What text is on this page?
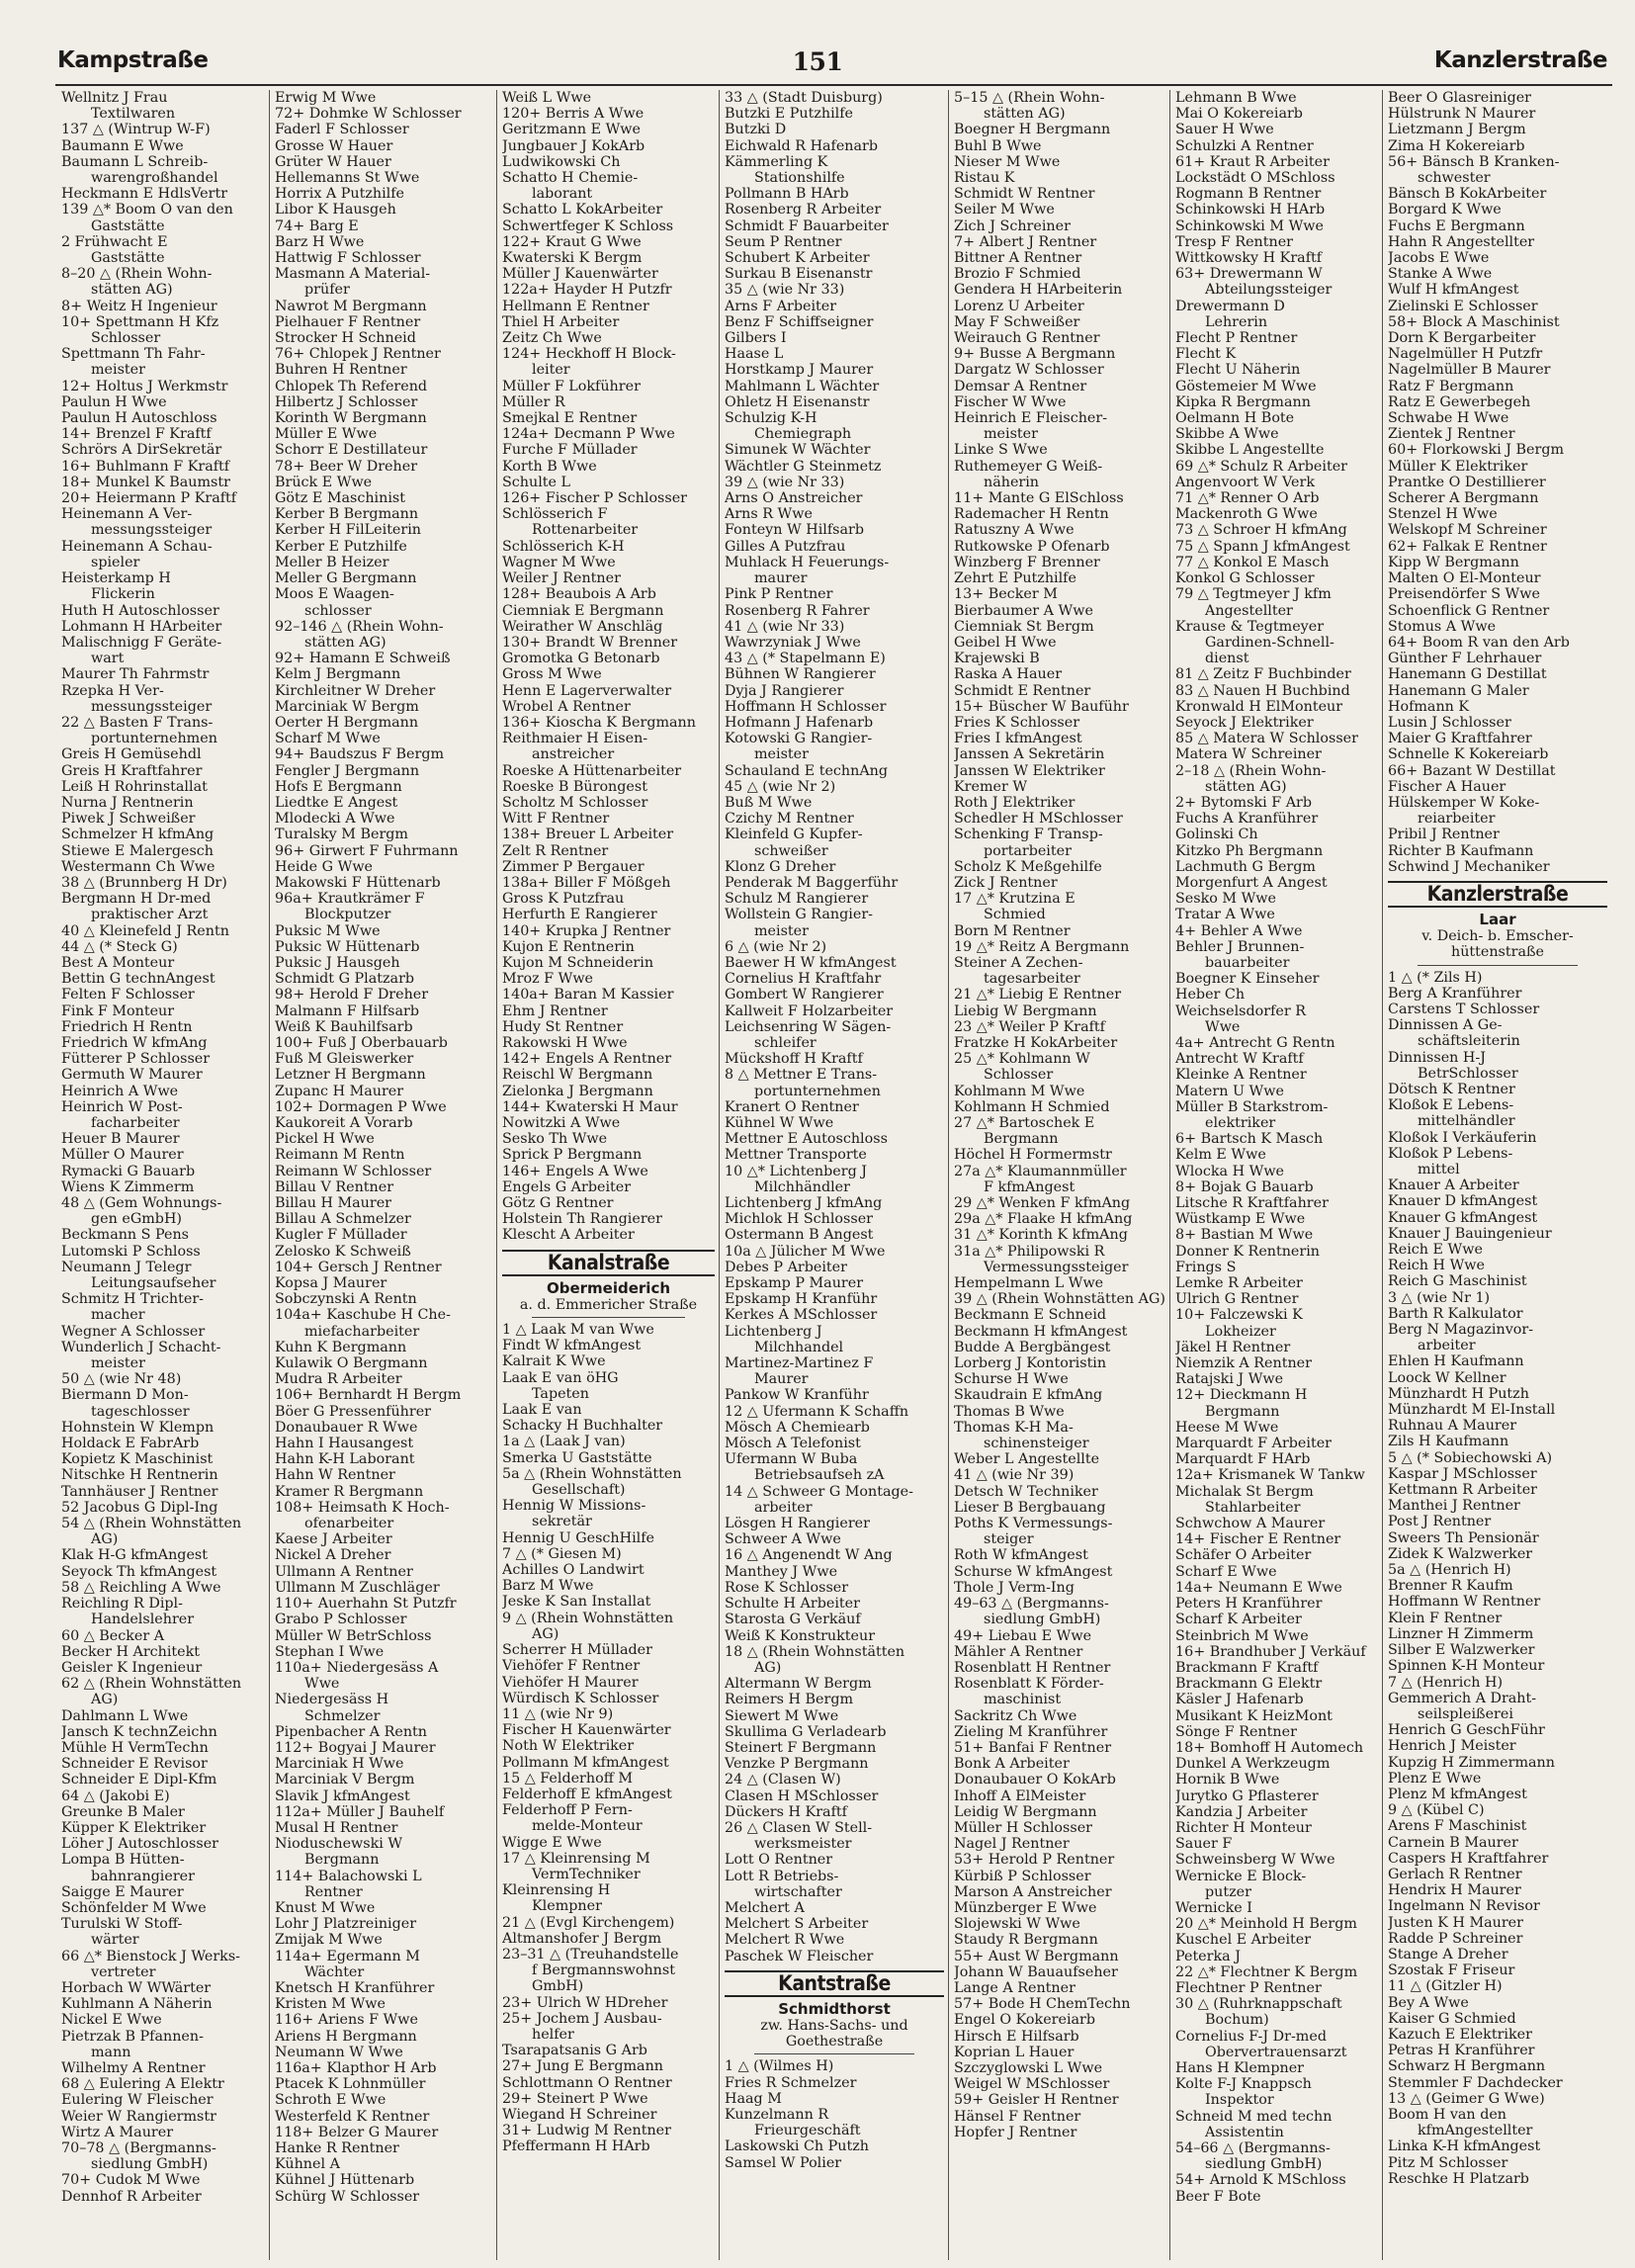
Kampstraße	151	Kanzlerstraße
Wellnitz J Frau
Textilwaren
137 △ (Wintrup W-F)
Baumann E Wwe
Baumann L Schreib-
warengroßhandel
Heckmann E HdlsVertr
139 △* Boom O van den
Gaststätte
2 Frühwacht E
Gaststätte
8–20 △ (Rhein Wohn-
stätten AG)
8+ Weitz H Ingenieur
10+ Spettmann H Kfz
Schlosser
Spettmann Th Fahr-
meister
12+ Holtus J Werkmstr
Paulun H Wwe
Paulun H Autoschloss
14+ Brenzel F Kraftf
Schrörs A DirSekretär
16+ Buhlmann F Kraftf
18+ Munkel K Baumstr
20+ Heiermann P Kraftf
Heinemann A Ver-
messungssteiger
Heinemann A Schau-
spieler
Heisterkamp H
Flickerin
Huth H Autoschlosser
Lohmann H HArbeiter
Malischnigg F Geräte-
wart
Maurer Th Fahrmstr
Rzepka H Ver-
messungssteiger
22 △ Basten F Trans-
portunternehmen
Greis H Gemüsehdl
Greis H Kraftfahrer
Leiß H Rohrinstallat
Nurna J Rentnerin
Piwek J Schweißer
Schmelzer H kfmAng
Stiewe E Malergesch
Westermann Ch Wwe
38 △ (Brunnberg H Dr)
Bergmann H Dr-med
praktischer Arzt
40 △ Kleinefeld J Rentn
44 △ (* Steck G)
Best A Monteur
Bettin G technAngest
Felten F Schlosser
Fink F Monteur
Friedrich H Rentn
Friedrich W kfmAng
Fütterer P Schlosser
Germuth W Maurer
Heinrich A Wwe
Heinrich W Post-
facharbeiter
Heuer B Maurer
Müller O Maurer
Rymacki G Bauarb
Wiens K Zimmerm
48 △ (Gem Wohnungs-
gen eGmbH)
Beckmann S Pens
Lutomski P Schloss
Neumann J Telegr
Leitungsaufseher
Schmitz H Trichter-
macher
Wegner A Schlosser
Wunderlich J Schacht-
meister
50 △ (wie Nr 48)
Biermann D Mon-
tageschlosser
Hohnstein W Klempn
Holdack E FabrArb
Kopietz K Maschinist
Nitschke H Rentnerin
Tannhäuser J Rentner
52 Jacobus G Dipl-Ing
54 △ (Rhein Wohnstätten
AG)
Klak H-G kfmAngest
Seyock Th kfmAngest
58 △ Reichling A Wwe
Reichling R Dipl-
Handelslehrer
60 △ Becker A
Becker H Architekt
Geisler K Ingenieur
62 △ (Rhein Wohnstätten
AG)
Dahlmann L Wwe
Jansch K technZeichn
Mühle H VermTechn
Schneider E Revisor
Schneider E Dipl-Kfm
64 △ (Jakobi E)
Greunke B Maler
Küpper K Elektriker
Löher J Autoschlosser
Lompa B Hütten-
bahnrangierer
Saigge E Maurer
Schönfelder M Wwe
Turulski W Stoff-
wärter
66 △* Bienstock J Werks-
vertreter
Horbach W WWärter
Kuhlmann A Näherin
Nickel E Wwe
Pietrzak B Pfannen-
mann
Wilhelmy A Rentner
68 △ Eulering A Elektr
Eulering W Fleischer
Weier W Rangiermstr
Wirtz A Maurer
70–78 △ (Bergmanns-
siedlung GmbH)
70+ Cudok M Wwe
Dennhof R Arbeiter
Erwig M Wwe
72+ Dohmke W Schlosser
Faderl F Schlosser
Grosse W Hauer
Grüter W Hauer
Hellemanns St Wwe
Horrix A Putzhilfe
Libor K Hausgeh
74+ Barg E
Barz H Wwe
Hattwig F Schlosser
Masmann A Material-
prüfer
Nawrot M Bergmann
Pielhauer F Rentner
Strocker H Schneid
76+ Chlopek J Rentner
Buhren H Rentner
Chlopek Th Referend
Hilbertz J Schlosser
Korinth W Bergmann
Müller E Wwe
Schorr E Destillateur
78+ Beer W Dreher
Brück E Wwe
Götz E Maschinist
Kerber B Bergmann
Kerber H FilLeiterin
Kerber E Putzhilfe
Meller B Heizer
Meller G Bergmann
Moos E Waagen-
schlosser
92–146 △ (Rhein Wohn-
stätten AG)
92+ Hamann E Schweiß
Kelm J Bergmann
Kirchleitner W Dreher
Marciniak W Bergm
Oerter H Bergmann
Scharf M Wwe
94+ Baudszus F Bergm
Fengler J Bergmann
Hofs E Bergmann
Liedtke E Angest
Mlodecki A Wwe
Turalsky M Bergm
96+ Girwert F Fuhrmann
Heide G Wwe
Makowski F Hüttenarb
96a+ Krautkrämer F
Blockputzer
Puksic M Wwe
Puksic W Hüttenarb
Puksic J Hausgeh
Schmidt G Platzarb
98+ Herold F Dreher
Malmann F Hilfsarb
Weiß K Bauhilfsarb
100+ Fuß J Oberbauarb
Fuß M Gleiswerker
Letzner H Bergmann
Zupanc H Maurer
102+ Dormagen P Wwe
Kaukoreit A Vorarb
Pickel H Wwe
Reimann M Rentn
Reimann W Schlosser
Billau V Rentner
Billau H Maurer
Billau A Schmelzer
Kugler F Müllader
Zelosko K Schweiß
104+ Gersch J Rentner
Kopsa J Maurer
Sobczynski A Rentn
104a+ Kaschube H Che-
miefacharbeiter
Kuhn K Bergmann
Kulawik O Bergmann
Mudra R Arbeiter
106+ Bernhardt H Bergm
Böer G Pressenführer
Donaubauer R Wwe
Hahn I Hausangest
Hahn K-H Laborant
Hahn W Rentner
Kramer R Bergmann
108+ Heimsath K Hoch-
ofenarbeiter
Kaese J Arbeiter
Nickel A Dreher
Ullmann A Rentner
Ullmann M Zuschläger
110+ Auerhahn St Putzfr
Grabo P Schlosser
Müller W BetrSchloss
Stephan I Wwe
110a+ Niedergesäss A
Wwe
Niedergesäss H
Schmelzer
Pipenbacher A Rentn
112+ Bogyai J Maurer
Marciniak H Wwe
Marciniak V Bergm
Slavik J kfmAngest
112a+ Müller J Bauhelf
Musal H Rentner
Nioduschewski W
Bergmann
114+ Balachowski L
Rentner
Knust M Wwe
Lohr J Platzreiniger
Zmijak M Wwe
114a+ Egermann M
Wächter
Knetsch H Kranführer
Kristen M Wwe
116+ Ariens F Wwe
Ariens H Bergmann
Neumann W Wwe
116a+ Klapthor H Arb
Ptacek K Lohnmüller
Schroth E Wwe
Westerfeld K Rentner
118+ Belzer G Maurer
Hanke R Rentner
Kühnel A
Kühnel J Hüttenarb
Schürg W Schlosser
Weiß L Wwe
120+ Berris A Wwe
Geritzmann E Wwe
Jungbauer J KokArb
Ludwikowski Ch
Schatto H Chemie-
laborant
Schatto L KokArbeiter
Schwertfeger K Schloss
122+ Kraut G Wwe
Kwaterski K Bergm
Müller J Kauenwärter
122a+ Hayder H Putzfr
Hellmann E Rentner
Thiel H Arbeiter
Zeitz Ch Wwe
124+ Heckhoff H Block-
leiter
Müller F Lokführer
Müller R
Smejkal E Rentner
124a+ Decmann P Wwe
Furche F Müllader
Korth B Wwe
Schulte L
126+ Fischer P Schlosser
Schlösserich F
Rottenarbeiter
Schlösserich K-H
Wagner M Wwe
Weiler J Rentner
128+ Beaubois A Arb
Ciemniak E Bergmann
Weirather W Anschläg
130+ Brandt W Brenner
Gromotka G Betonarb
Gross M Wwe
Henn E Lagerverwalter
Wrobel A Rentner
136+ Kioscha K Bergmann
Reithmaier H Eisen-
anstreicher
Roeske A Hüttenarbeiter
Roeske B Bürongest
Scholtz M Schlosser
Witt F Rentner
138+ Breuer L Arbeiter
Zelt R Rentner
Zimmer P Bergauer
138a+ Biller F Mößgeh
Gross K Putzfrau
Herfurth E Rangierer
140+ Krupka J Rentner
Kujon E Rentnerin
Kujon M Schneiderin
Mroz F Wwe
140a+ Baran M Kassier
Ehm J Rentner
Hudy St Rentner
Rakowski H Wwe
142+ Engels A Rentner
Reischl W Bergmann
Zielonka J Bergmann
144+ Kwaterski H Maur
Nowitzki A Wwe
Sesko Th Wwe
Sprick P Bergmann
146+ Engels A Wwe
Engels G Arbeiter
Götz G Rentner
Holstein Th Rangierer
Klescht A Arbeiter
Kanalstraße
Obermeiderich
a. d. Emmericher Straße
1 △ Laak M van Wwe
Findt W kfmAngest
Kalrait K Wwe
Laak E van öHG
Tapeten
Laak E van
Schacky H Buchhalter
1a △ (Laak J van)
Smerka U Gaststätte
5a △ (Rhein Wohnstätten
Gesellschaft)
Hennig W Missions-
sekretär
Hennig U GeschHilfe
7 △ (* Giesen M)
Achilles O Landwirt
Barz M Wwe
Jeske K San Installat
9 △ (Rhein Wohnstätten
AG)
Scherrer H Müllader
Viehöfer F Rentner
Viehöfer H Maurer
Würdisch K Schlosser
11 △ (wie Nr 9)
Fischer H Kauenwärter
Noth W Elektriker
Pollmann M kfmAngest
15 △ Felderhoff M
Felderhoff E kfmAngest
Felderhoff P Fern-
melde-Monteur
Wigge E Wwe
17 △ Kleinrensing M
VermTechniker
Kleinrensing H
Klempner
21 △ (Evgl Kirchengem)
Altmanshofer J Bergm
23–31 △ (Treuhandstelle
f Bergmannswohnst
GmbH)
23+ Ulrich W HDreher
25+ Jochem J Ausbau-
helfer
Tsarapatsanis G Arb
27+ Jung E Bergmann
Schlottmann O Rentner
29+ Steinert P Wwe
Wiegand H Schreiner
31+ Ludwig M Rentner
Pfeffermann H HArb
33 △ (Stadt Duisburg)
Butzki E Putzhilfe
Butzki D
Eichwald R Hafenarb
Kämmerling K
Stationshilfe
Pollmann B HArb
Rosenberg R Arbeiter
Schmidt F Bauarbeiter
Seum P Rentner
Schubert K Arbeiter
Surkau B Eisenanstr
35 △ (wie Nr 33)
Arns F Arbeiter
Benz F Schiffseigner
Gilbers I
Haase L
Horstkamp J Maurer
Mahlmann L Wächter
Ohletz H Eisenanstr
Schulzig K-H
Chemiegraph
Simunek W Wächter
Wächtler G Steinmetz
39 △ (wie Nr 33)
Arns O Anstreicher
Arns R Wwe
Fonteyn W Hilfsarb
Gilles A Putzfrau
Muhlack H Feuerungs-
maurer
Pink P Rentner
Rosenberg R Fahrer
41 △ (wie Nr 33)
Wawrzyniak J Wwe
43 △ (* Stapelmann E)
Bühnen W Rangierer
Dyja J Rangierer
Hoffmann H Schlosser
Hofmann J Hafenarb
Kotowski G Rangier-
meister
Schauland E technAng
45 △ (wie Nr 2)
Buß M Wwe
Czichy M Rentner
Kleinfeld G Kupfer-
schweißer
Klonz G Dreher
Penderak M Baggerführ
Schulz M Rangierer
Wollstein G Rangier-
meister
6 △ (wie Nr 2)
Baewer H W kfmAngest
Cornelius H Kraftfahr
Gombert W Rangierer
Kallweit F Holzarbeiter
Leichsenring W Sägen-
schleifer
Mückshoff H Kraftf
8 △ Mettner E Trans-
portunternehmen
Kranert O Rentner
Kühnel W Wwe
Mettner E Autoschloss
Mettner Transporte
10 △* Lichtenberg J
Milchhändler
Lichtenberg J kfmAng
Michlok H Schlosser
Ostermann B Angest
10a △ Jülicher M Wwe
Debes P Arbeiter
Epskamp P Maurer
Epskamp H Kranführ
Kerkes A MSchlosser
Lichtenberg J
Milchhandel
Martinez-Martinez F
Maurer
Pankow W Kranführ
12 △ Ufermann K Schaffn
Mösch A Chemiearb
Mösch A Telefonist
Ufermann W Buba
Betriebsaufseh zA
14 △ Schweer G Montage-
arbeiter
Lösgen H Rangierer
Schweer A Wwe
16 △ Angenendt W Ang
Manthey J Wwe
Rose K Schlosser
Schulte H Arbeiter
Starosta G Verkäuf
Weiß K Konstrukteur
18 △ (Rhein Wohnstätten
AG)
Altermann W Bergm
Reimers H Bergm
Siewert M Wwe
Skullima G Verladearb
Steinert F Bergmann
Venzke P Bergmann
24 △ (Clasen W)
Clasen H MSchlosser
Dückers H Kraftf
26 △ Clasen W Stell-
werksmeister
Lott O Rentner
Lott R Betriebs-
wirtschafter
Melchert A
Melchert S Arbeiter
Melchert R Wwe
Paschek W Fleischer
Kantstraße
Schmidthorst
zw. Hans-Sachs- und Goethestraße
1 △ (Wilmes H)
Fries R Schmelzer
Haag M
Kunzelmann R
Frieurgeschäft
Laskowski Ch Putzh
Samsel W Polier
5–15 △ (Rhein Wohn-
stätten AG)
Boegner H Bergmann
Buhl B Wwe
Nieser M Wwe
Ristau K
Schmidt W Rentner
Seiler M Wwe
Zich J Schreiner
7+ Albert J Rentner
Bittner A Rentner
Brozio F Schmied
Gendera H HArbeiterin
Lorenz U Arbeiter
May F Schweißer
Weirauch G Rentner
9+ Busse A Bergmann
Dargatz W Schlosser
Demsar A Rentner
Fischer W Wwe
Heinrich E Fleischer-
meister
Linke S Wwe
Ruthemeyer G Weiß-
näherin
11+ Mante G ElSchloss
Rademacher H Rentn
Ratuszny A Wwe
Rutkowske P Ofenarb
Winzberg F Brenner
Zehrt E Putzhilfe
13+ Becker M
Bierbaumer A Wwe
Ciemniak St Bergm
Geibel H Wwe
Krajewski B
Raska A Hauer
Schmidt E Rentner
15+ Büscher W Bauführ
Fries K Schlosser
Fries I kfmAngest
Janssen A Sekretärin
Janssen W Elektriker
Kremer W
Roth J Elektriker
Schedler H MSchlosser
Schenking F Transp-
portarbeiter
Scholz K Meßgehilfe
Zick J Rentner
17 △* Krutzina E
Schmied
Born M Rentner
19 △* Reitz A Bergmann
Steiner A Zechen-
tagesarbeiter
21 △* Liebig E Rentner
Liebig W Bergmann
23 △* Weiler P Kraftf
Fratzke H KokArbeiter
25 △* Kohlmann W
Schlosser
Kohlmann M Wwe
Kohlmann H Schmied
27 △* Bartoschek E
Bergmann
Höchel H Formermstr
27a △* Klaumannmüller
F kfmAngest
29 △* Wenken F kfmAng
29a △* Flaake H kfmAng
31 △* Korinth K kfmAng
31a △* Philipowski R
Vermessungssteiger
Hempelmann L Wwe
39 △ (Rhein Wohnstätten AG)
Beckmann E Schneid
Beckmann H kfmAngest
Budde A Bergbängest
Lorberg J Kontoristin
Schurse H Wwe
Skaudrain E kfmAng
Thomas B Wwe
Thomas K-H Ma-
schinensteiger
Weber L Angestellte
41 △ (wie Nr 39)
Detsch W Techniker
Lieser B Bergbauang
Poths K Vermessungs-
steiger
Roth W kfmAngest
Schurse W kfmAngest
Thole J Verm-Ing
49–63 △ (Bergmanns-
siedlung GmbH)
49+ Liebau E Wwe
Mähler A Rentner
Rosenblatt H Rentner
Rosenblatt K Förder-
maschinist
Sackritz Ch Wwe
Zieling M Kranführer
51+ Banfai F Rentner
Bonk A Arbeiter
Donaubauer O KokArb
Inhoff A ElMeister
Leidig W Bergmann
Müller H Schlosser
Nagel J Rentner
53+ Herold P Rentner
Kürbiß P Schlosser
Marson A Anstreicher
Münzberger E Wwe
Slojewski W Wwe
Staudy R Bergmann
55+ Aust W Bergmann
Johann W Bauaufseher
Lange A Rentner
57+ Bode H ChemTechn
Engel O Kokereiarb
Hirsch E Hilfsarb
Koprian L Hauer
Szczyglowski L Wwe
Weigel W MSchlosser
59+ Geisler H Rentner
Hänsel F Rentner
Hopfer J Rentner
Lehmann B Wwe
Mai O Kokereiarb
Sauer H Wwe
Schulzki A Rentner
61+ Kraut R Arbeiter
Lockstädt O MSchloss
Rogmann B Rentner
Schinkowski H HArb
Schinkowski M Wwe
Tresp F Rentner
Wittkowsky H Kraftf
63+ Drewermann W
Abteilungssteiger
Drewermann D
Lehrerin
Flecht P Rentner
Flecht K
Flecht U Näherin
Göstemeier M Wwe
Kipka R Bergmann
Oelmann H Bote
Skibbe A Wwe
Skibbe L Angestellte
69 △* Schulz R Arbeiter
Angenvoort W Verk
71 △* Renner O Arb
Mackenroth G Wwe
73 △ Schroer H kfmAng
75 △ Spann J kfmAngest
77 △ Konkol E Masch
Konkol G Schlosser
79 △ Tegtmeyer J kfm
Angestellter
Krause & Tegtmeyer
Gardinen-Schnell-
dienst
81 △ Zeitz F Buchbinder
83 △ Nauen H Buchbind
Kronwald H ElMonteur
Seyock J Elektriker
85 △ Matera W Schlosser
Matera W Schreiner
2–18 △ (Rhein Wohn-
stätten AG)
2+ Bytomski F Arb
Fuchs A Kranführer
Golinski Ch
Kitzko Ph Bergmann
Lachmuth G Bergm
Morgenfurt A Angest
Sesko M Wwe
Tratar A Wwe
4+ Behler A Wwe
Behler J Brunnen-
bauarbeiter
Boegner K Einseher
Heber Ch
Weichselsdorfer R
Wwe
4a+ Antrecht G Rentn
Antrecht W Kraftf
Kleinke A Rentner
Matern U Wwe
Müller B Starkstrom-
elektriker
6+ Bartsch K Masch
Kelm E Wwe
Wlocka H Wwe
8+ Bojak G Bauarb
Litsche R Kraftfahrer
Wüstkamp E Wwe
8+ Bastian M Wwe
Donner K Rentnerin
Frings S
Lemke R Arbeiter
Ulrich G Rentner
10+ Falczewski K
Lokheizer
Jäkel H Rentner
Niemzik A Rentner
Ratajski J Wwe
12+ Dieckmann H
Bergmann
Heese M Wwe
Marquardt F Arbeiter
Marquardt F HArb
12a+ Krismanek W Tankw
Michalak St Bergm
Stahlarbeiter
Schwchow A Maurer
14+ Fischer E Rentner
Schäfer O Arbeiter
Scharf E Wwe
14a+ Neumann E Wwe
Peters H Kranführer
Scharf K Arbeiter
Steinbrich M Wwe
16+ Brandhuber J Verkäuf
Brackmann F Kraftf
Brackmann G Elektr
Käsler J Hafenarb
Musikant K HeizMont
Sönge F Rentner
18+ Bomhoff H Automech
Dunkel A Werkzeugm
Hornik B Wwe
Jurytko G Pflasterer
Kandzia J Arbeiter
Richter H Monteur
Sauer F
Schweinsberg W Wwe
Wernicke E Block-
putzer
Wernicke I
20 △* Meinhold H Bergm
Kuschel E Arbeiter
Peterka J
22 △* Flechtner K Bergm
Flechtner P Rentner
30 △ (Ruhrknappschaft
Bochum)
Cornelius F-J Dr-med
Obervertrauensarzt
Hans H Klempner
Kolte F-J Knappsch
Inspektor
Schneid M med techn
Assistentin
54–66 △ (Bergmanns-
siedlung GmbH)
54+ Arnold K MSchloss
Beer F Bote
Beer O Glasreiniger
Hülstrunk N Maurer
Lietzmann J Bergm
Zima H Kokereiarb
56+ Bänsch B Kranken-
schwester
Bänsch B KokArbeiter
Borgard K Wwe
Fuchs E Bergmann
Hahn R Angestellter
Jacobs E Wwe
Stanke A Wwe
Wulf H kfmAngest
Zielinski E Schlosser
58+ Block A Maschinist
Dorn K Bergarbeiter
Nagelmüller H Putzfr
Nagelmüller B Maurer
Ratz F Bergmann
Ratz E Gewerbegeh
Schwabe H Wwe
Zientek J Rentner
60+ Florkowski J Bergm
Müller K Elektriker
Prantke O Destillierer
Scherer A Bergmann
Stenzel H Wwe
Welskopf M Schreiner
62+ Falkak E Rentner
Kipp W Bergmann
Malten O El-Monteur
Preisendörfer S Wwe
Schoenflick G Rentner
Stomus A Wwe
64+ Boom R van den Arb
Günther F Lehrhauer
Hanemann G Destillat
Hanemann G Maler
Hofmann K
Lusin J Schlosser
Maier G Kraftfahrer
Schnelle K Kokereiarb
66+ Bazant W Destillat
Fischer A Hauer
Hülskemper W Koke-
reiarbeiter
Pribil J Rentner
Richter B Kaufmann
Schwind J Mechaniker
Kanzlerstraße
Laar
v. Deich- b. Emscher-hüttenstraße
1 △ (* Zils H)
Berg A Kranführer
Carstens T Schlosser
Dinnissen A Ge-
schäftsleiterin
Dinnissen H-J
BetrSchlosser
Dötsch K Rentner
Kloßok E Lebens-
mittelhändler
Kloßok I Verkäuferin
Kloßok P Lebens-
mittel
Knauer A Arbeiter
Knauer D kfmAngest
Knauer G kfmAngest
Knauer J Bauingenieur
Reich E Wwe
Reich H Wwe
Reich G Maschinist
3 △ (wie Nr 1)
Barth R Kalkulator
Berg N Magazinvor-
arbeiter
Ehlen H Kaufmann
Loock W Kellner
Münzhardt H Putzh
Münzhardt M El-Install
Ruhnau A Maurer
Zils H Kaufmann
5 △ (* Sobiechowski A)
Kaspar J MSchlosser
Kettmann R Arbeiter
Manthei J Rentner
Post J Rentner
Sweers Th Pensionär
Zidek K Walzwerker
5a △ (Henrich H)
Brenner R Kaufm
Hoffmann W Rentner
Klein F Rentner
Linzner H Zimmerm
Silber E Walzwerker
Spinnen K-H Monteur
7 △ (Henrich H)
Gemmerich A Draht-
seilspleißerei
Henrich G GeschFühr
Henrich J Meister
Kupzig H Zimmermann
Plenz E Wwe
Plenz M kfmAngest
9 △ (Kübel C)
Arens F Maschinist
Carnein B Maurer
Caspers H Kraftfahrer
Gerlach R Rentner
Hendrix H Maurer
Ingelmann N Revisor
Justen K H Maurer
Radde P Schreiner
Stange A Dreher
Szostak F Friseur
11 △ (Gitzler H)
Bey A Wwe
Kaiser G Schmied
Kazuch E Elektriker
Petras H Kranführer
Schwarz H Bergmann
Stemmler F Dachdecker
13 △ (Geimer G Wwe)
Boom H van den
kfmAngestellter
Linka K-H kfmAngest
Pitz M Schlosser
Reschke H Platzarb
